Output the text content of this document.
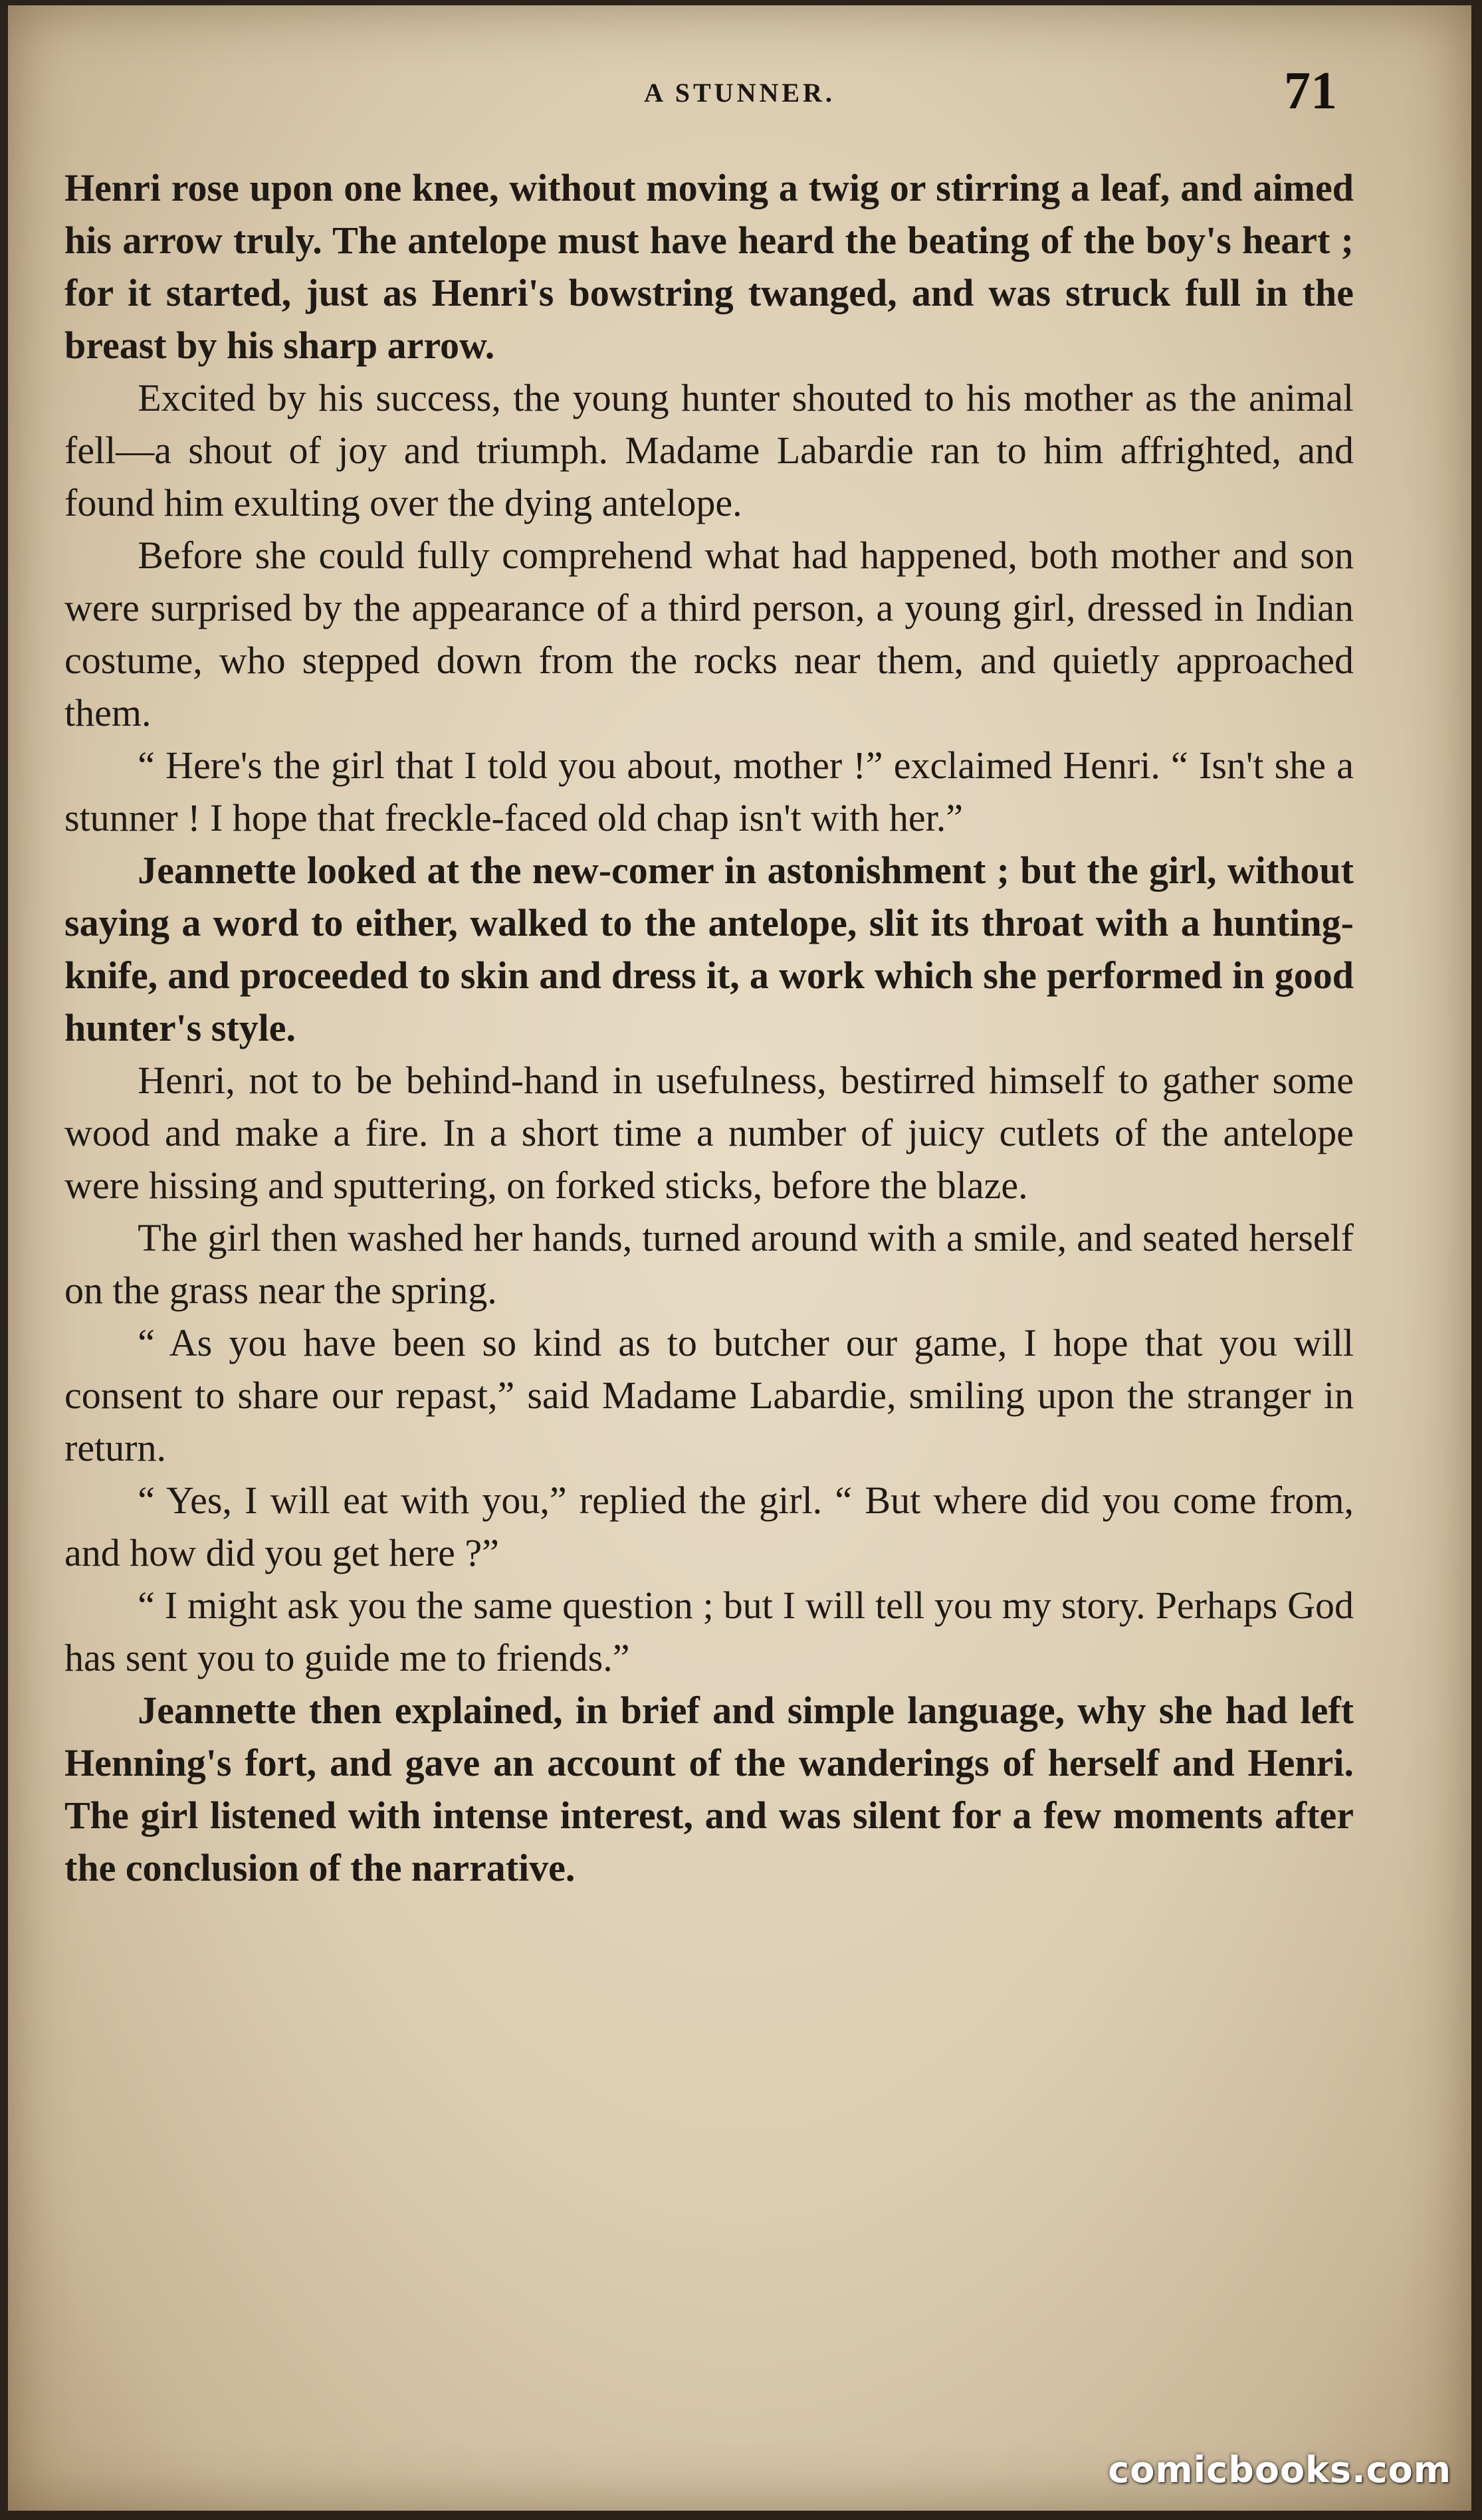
A STUNNER.	71

Henri rose upon one knee, without moving a twig or stirring a leaf, and aimed his arrow truly. The antelope must have heard the beating of the boy's heart ; for it started, just as Henri's bowstring twanged, and was struck full in the breast by his sharp arrow.

Excited by his success, the young hunter shouted to his mother as the animal fell—a shout of joy and triumph. Madame Labardie ran to him affrighted, and found him exulting over the dying antelope.

Before she could fully comprehend what had happened, both mother and son were surprised by the appearance of a third person, a young girl, dressed in Indian costume, who stepped down from the rocks near them, and quietly approached them.

“ Here's the girl that I told you about, mother !” exclaimed Henri. “ Isn't she a stunner ! I hope that freckle-faced old chap isn't with her.”

Jeannette looked at the new-comer in astonishment ; but the girl, without saying a word to either, walked to the antelope, slit its throat with a hunting-knife, and proceeded to skin and dress it, a work which she performed in good hunter's style.

Henri, not to be behind-hand in usefulness, bestirred himself to gather some wood and make a fire. In a short time a number of juicy cutlets of the antelope were hissing and sputtering, on forked sticks, before the blaze.

The girl then washed her hands, turned around with a smile, and seated herself on the grass near the spring.

“ As you have been so kind as to butcher our game, I hope that you will consent to share our repast,” said Madame Labardie, smiling upon the stranger in return.

“ Yes, I will eat with you,” replied the girl. “ But where did you come from, and how did you get here ?”

“ I might ask you the same question ; but I will tell you my story. Perhaps God has sent you to guide me to friends.”

Jeannette then explained, in brief and simple language, why she had left Henning's fort, and gave an account of the wanderings of herself and Henri. The girl listened with intense interest, and was silent for a few moments after the conclusion of the narrative.

comicbooks.com
